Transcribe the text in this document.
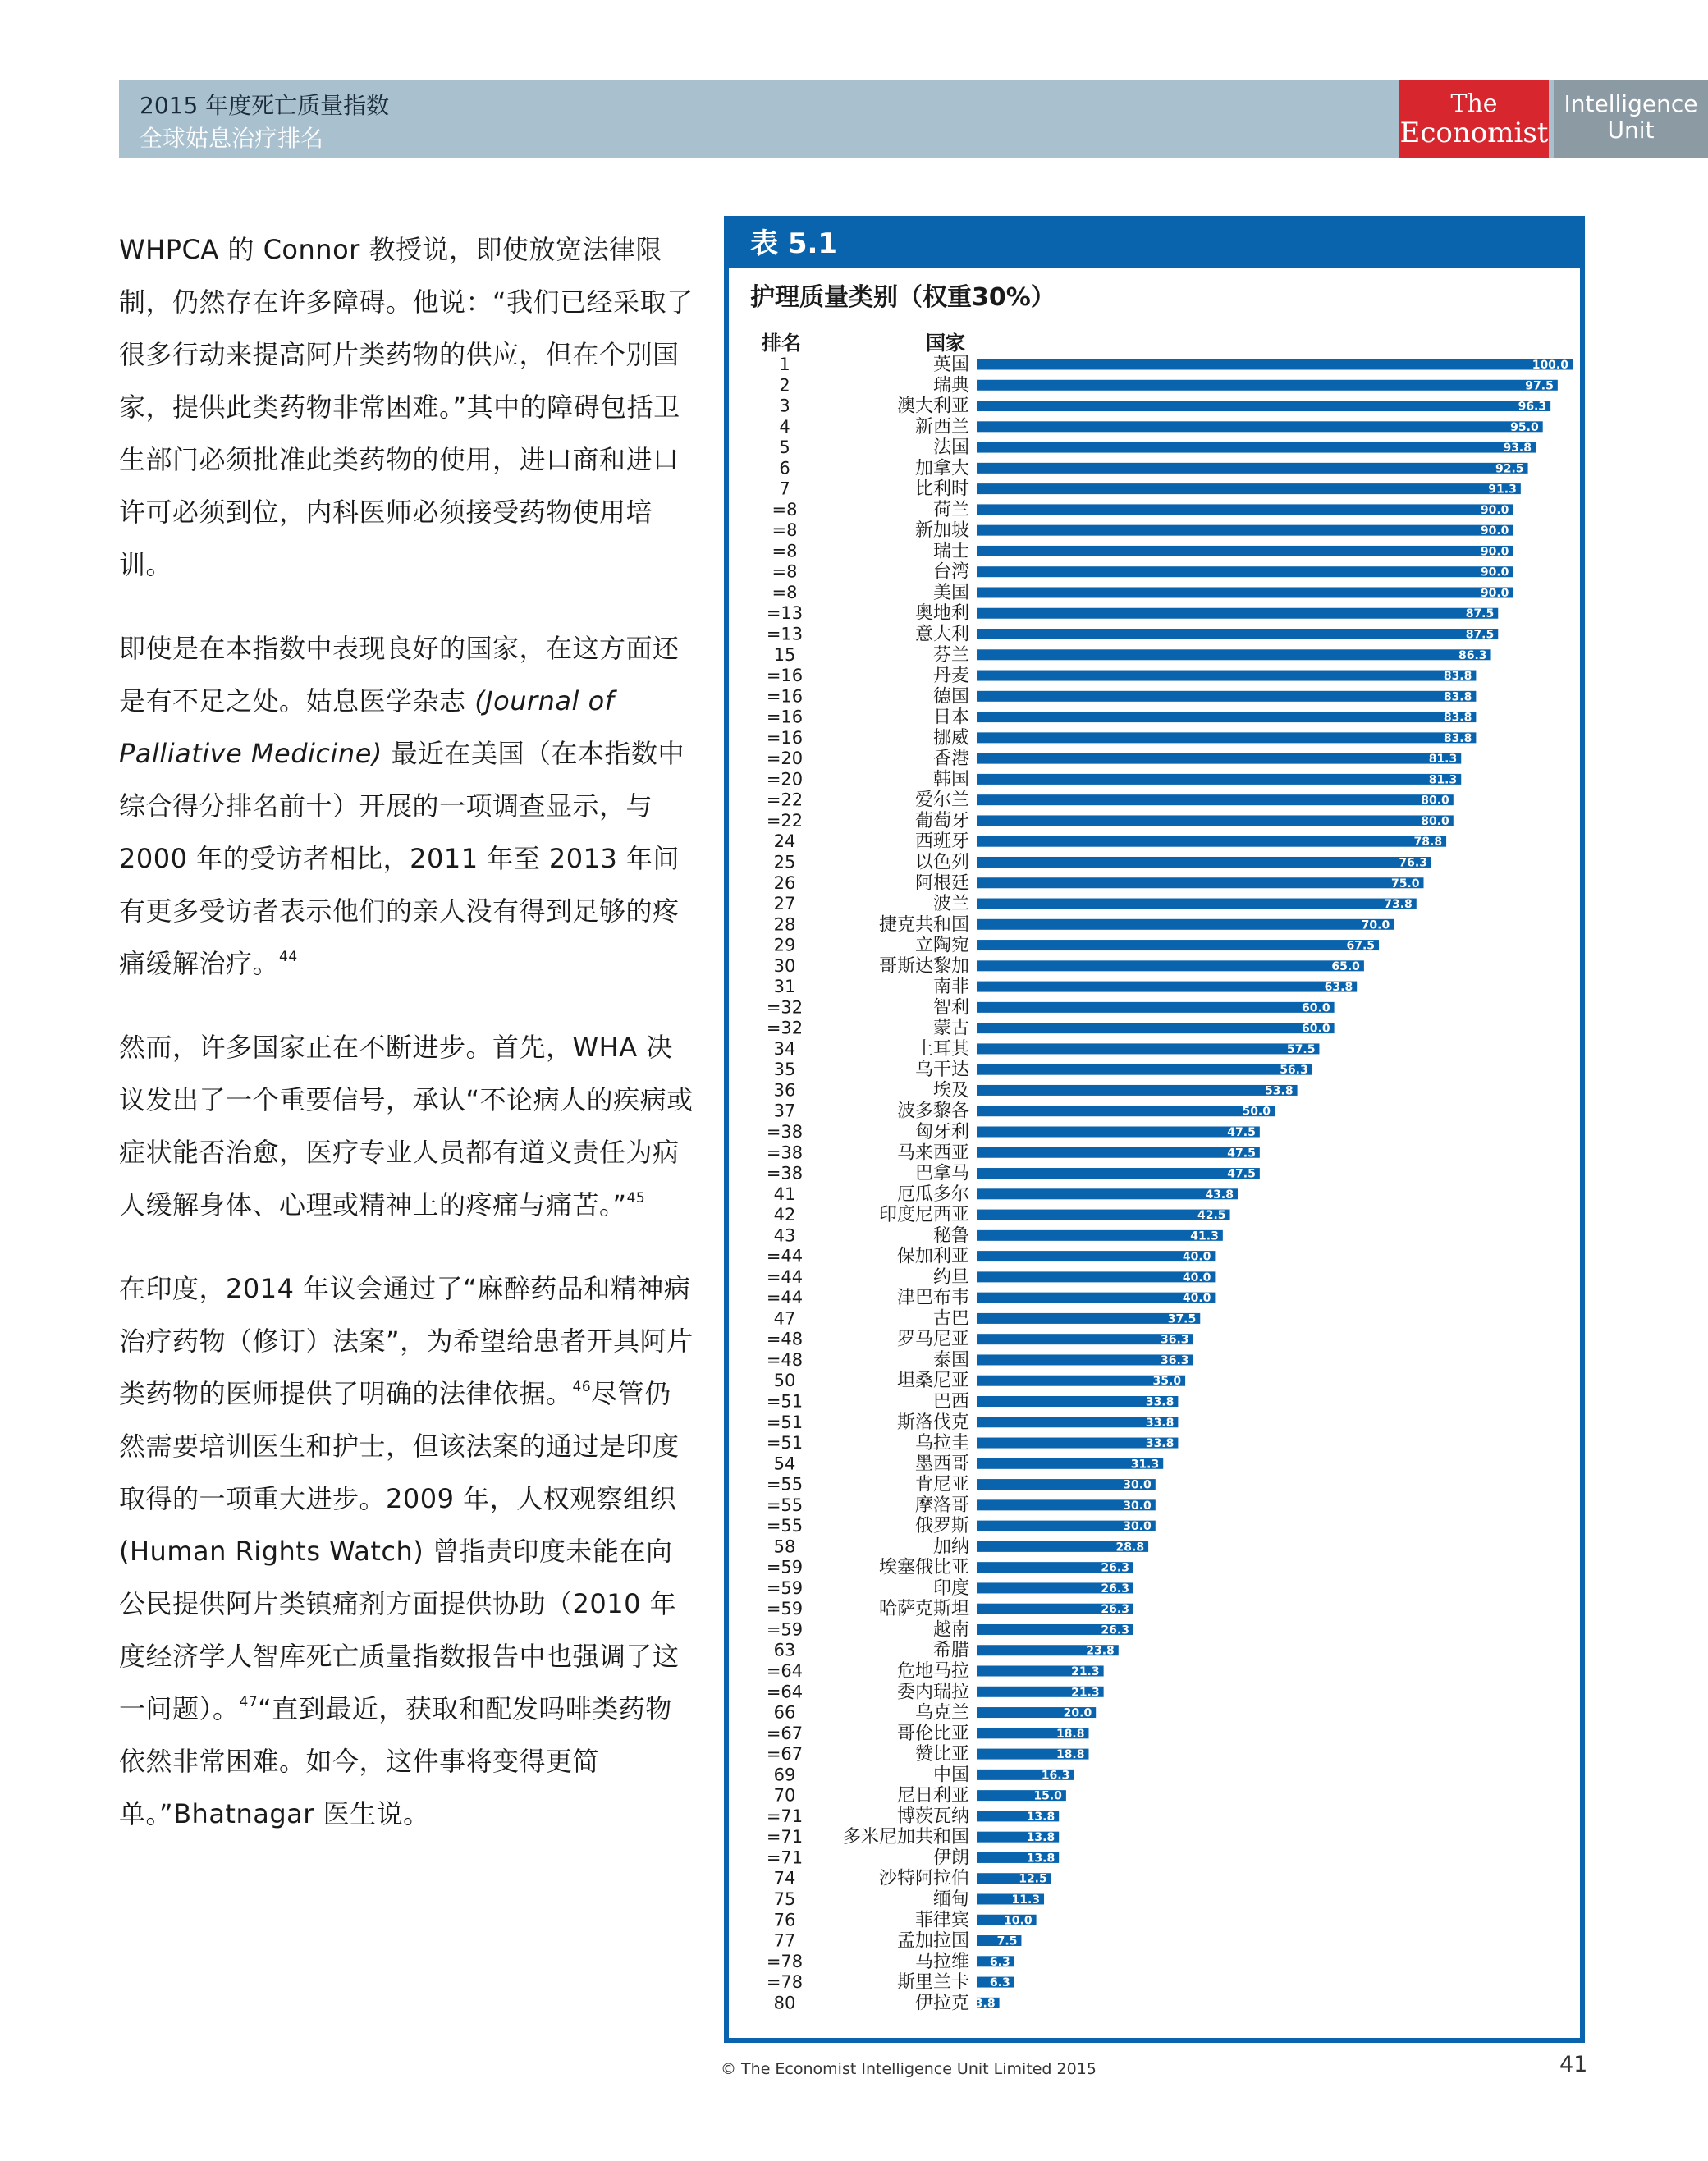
2015 年度死亡质量指数
全球姑息治疗排名
The
Economist
Intelligence
Unit

WHPCA 的 Connor 教授说，即使放宽法律限制，仍然存在许多障碍。他说：“我们已经采取了很多行动来提高阿片类药物的供应，但在个别国家，提供此类药物非常困难。”其中的障碍包括卫生部门必须批准此类药物的使用，进口商和进口许可必须到位，内科医师必须接受药物使用培训。

即使是在本指数中表现良好的国家，在这方面还是有不足之处。姑息医学杂志 (Journal of Palliative Medicine) 最近在美国（在本指数中综合得分排名前十）开展的一项调查显示，与 2000 年的受访者相比，2011 年至 2013 年间有更多受访者表示他们的亲人没有得到足够的疼痛缓解治疗。$^{44}$

然而，许多国家正在不断进步。首先，WHA 决议发出了一个重要信号，承认“不论病人的疾病或症状能否治愈，医疗专业人员都有道义责任为病人缓解身体、心理或精神上的疼痛与痛苦。”$^{45}$

在印度，2014 年议会通过了“麻醉药品和精神病治疗药物（修订）法案”，为希望给患者开具阿片类药物的医师提供了明确的法律依据。$^{46}$尽管仍然需要培训医生和护士，但该法案的通过是印度取得的一项重大进步。2009 年，人权观察组织 (Human Rights Watch) 曾指责印度未能在向公民提供阿片类镇痛剂方面提供协助（2010 年度经济学人智库死亡质量指数报告中也强调了这一问题）。$^{47}$“直到最近，获取和配发吗啡类药物依然非常困难。如今，这件事将变得更简单。”Bhatnagar 医生说。

表 5.1
护理质量类别（权重30%）
排名	国家
1	英国	100.0
2	瑞典	97.5
3	澳大利亚	96.3
4	新西兰	95.0
5	法国	93.8
6	加拿大	92.5
7	比利时	91.3
=8	荷兰	90.0
=8	新加坡	90.0
=8	瑞士	90.0
=8	台湾	90.0
=8	美国	90.0
=13	奥地利	87.5
=13	意大利	87.5
15	芬兰	86.3
=16	丹麦	83.8
=16	德国	83.8
=16	日本	83.8
=16	挪威	83.8
=20	香港	81.3
=20	韩国	81.3
=22	爱尔兰	80.0
=22	葡萄牙	80.0
24	西班牙	78.8
25	以色列	76.3
26	阿根廷	75.0
27	波兰	73.8
28	捷克共和国	70.0
29	立陶宛	67.5
30	哥斯达黎加	65.0
31	南非	63.8
=32	智利	60.0
=32	蒙古	60.0
34	土耳其	57.5
35	乌干达	56.3
36	埃及	53.8
37	波多黎各	50.0
=38	匈牙利	47.5
=38	马来西亚	47.5
=38	巴拿马	47.5
41	厄瓜多尔	43.8
42	印度尼西亚	42.5
43	秘鲁	41.3
=44	保加利亚	40.0
=44	约旦	40.0
=44	津巴布韦	40.0
47	古巴	37.5
=48	罗马尼亚	36.3
=48	泰国	36.3
50	坦桑尼亚	35.0
=51	巴西	33.8
=51	斯洛伐克	33.8
=51	乌拉圭	33.8
54	墨西哥	31.3
=55	肯尼亚	30.0
=55	摩洛哥	30.0
=55	俄罗斯	30.0
58	加纳	28.8
=59	埃塞俄比亚	26.3
=59	印度	26.3
=59	哈萨克斯坦	26.3
=59	越南	26.3
63	希腊	23.8
=64	危地马拉	21.3
=64	委内瑞拉	21.3
66	乌克兰	20.0
=67	哥伦比亚	18.8
=67	赞比亚	18.8
69	中国	16.3
70	尼日利亚	15.0
=71	博茨瓦纳	13.8
=71 多米尼加共和国	13.8
=71	伊朗	13.8
74	沙特阿拉伯	12.5
75	缅甸	11.3
76	菲律宾	10.0
77	孟加拉国 7.5
=78	马拉维 6.3
=78	斯里兰卡 6.3
80	伊拉克 3.8
© The Economist Intelligence Unit Limited 2015	41
